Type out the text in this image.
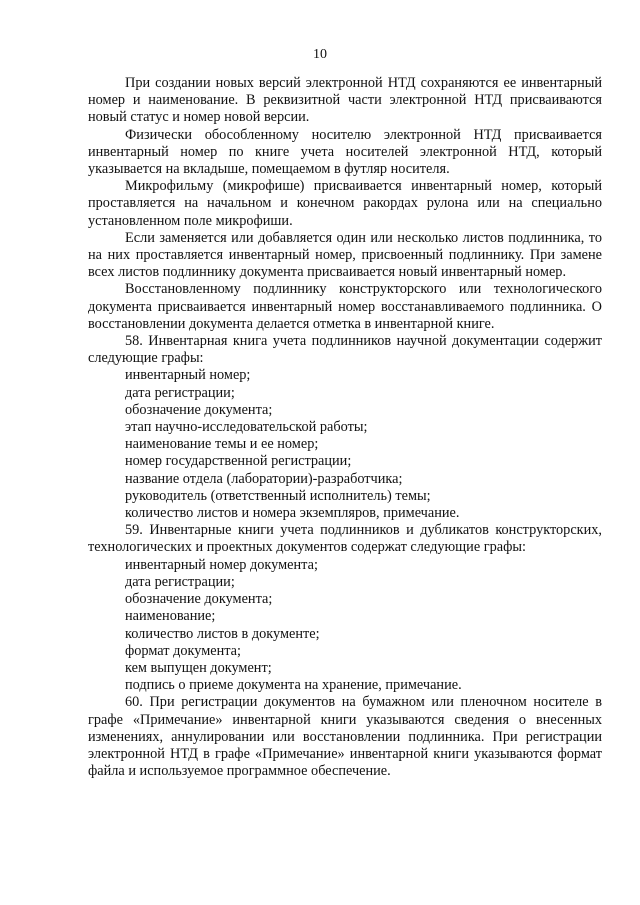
10

При создании новых версий электронной НТД сохраняются ее инвентарный номер и наименование. В реквизитной части электронной НТД присваиваются новый статус и номер новой версии.

Физически обособленному носителю электронной НТД присваивается инвентарный номер по книге учета носителей электронной НТД, который указывается на вкладыше, помещаемом в футляр носителя.

Микрофильму (микрофише) присваивается инвентарный номер, который проставляется на начальном и конечном ракордах рулона или на специально установленном поле микрофиши.

Если заменяется или добавляется один или несколько листов подлинника, то на них проставляется инвентарный номер, присвоенный подлиннику. При замене всех листов подлиннику документа присваивается новый инвентарный номер.

Восстановленному подлиннику конструкторского или технологического документа присваивается инвентарный номер восстанавливаемого подлинника. О восстановлении документа делается отметка в инвентарной книге.

58. Инвентарная книга учета подлинников научной документации содержит следующие графы:

инвентарный номер;

дата регистрации;

обозначение документа;

этап научно-исследовательской работы;

наименование темы и ее номер;

номер государственной регистрации;

название отдела (лаборатории)-разработчика;

руководитель (ответственный исполнитель) темы;

количество листов и номера экземпляров, примечание.

59. Инвентарные книги учета подлинников и дубликатов конструкторских, технологических и проектных документов содержат следующие графы:

инвентарный номер документа;

дата регистрации;

обозначение документа;

наименование;

количество листов в документе;

формат документа;

кем выпущен документ;

подпись о приеме документа на хранение, примечание.

60. При регистрации документов на бумажном или пленочном носителе в графе «Примечание» инвентарной книги указываются сведения о внесенных изменениях, аннулировании или восстановлении подлинника. При регистрации электронной НТД в графе «Примечание» инвентарной книги указываются формат файла и используемое программное обеспечение.
